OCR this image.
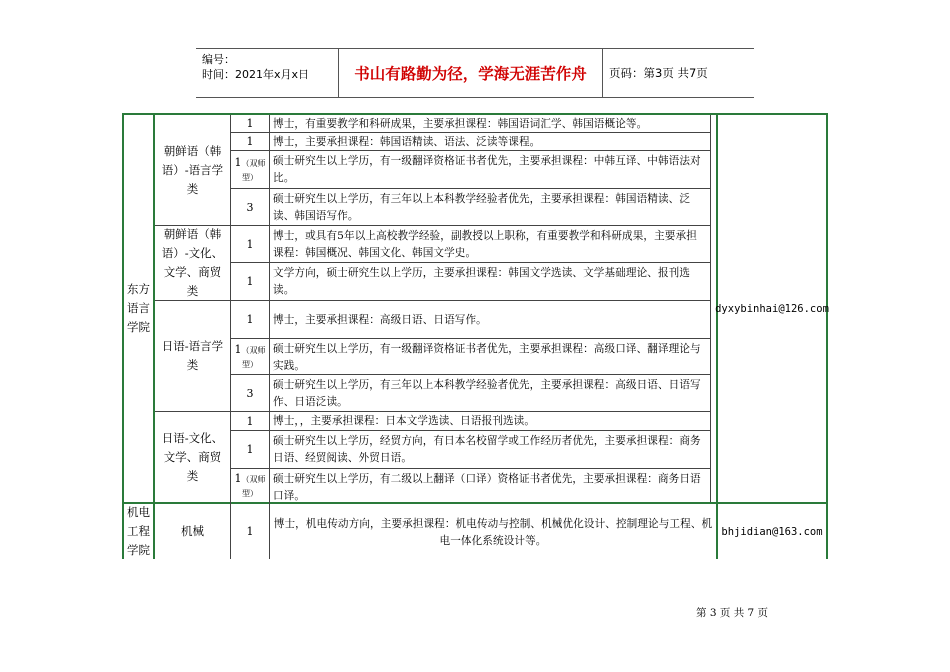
编号：
时间：2021年x月x日	书山有路勤为径，学海无涯苦作舟	页码：第3页 共7页
东方语言学院
机电工程学院
朝鲜语（韩语）-语言学类
朝鲜语（韩语）-文化、文学、商贸类
日语-语言学类
日语-文化、文学、商贸类
机械
1
1
1（双师型）
3
1
1
1
1（双师型）
3
1
1
1（双师型）
1
博士，有重要教学和科研成果，主要承担课程：韩国语词汇学、韩国语概论等。
博士，主要承担课程：韩国语精读、语法、泛读等课程。
硕士研究生以上学历，有一级翻译资格证书者优先，主要承担课程：中韩互译、中韩语法对比。
硕士研究生以上学历，有三年以上本科教学经验者优先，主要承担课程：韩国语精读、泛读、韩国语写作。
博士，或具有5年以上高校教学经验，副教授以上职称，有重要教学和科研成果，主要承担课程：韩国概况、韩国文化、韩国文学史。
文学方向，硕士研究生以上学历，主要承担课程：韩国文学选读、文学基础理论、报刊选读。
博士，主要承担课程：高级日语、日语写作。
硕士研究生以上学历，有一级翻译资格证书者优先，主要承担课程：高级口译、翻译理论与实践。
硕士研究生以上学历，有三年以上本科教学经验者优先，主要承担课程：高级日语、日语写作、日语泛读。
博士，，主要承担课程：日本文学选读、日语报刊选读。
硕士研究生以上学历，经贸方向，有日本名校留学或工作经历者优先，主要承担课程：商务日语、经贸阅读、外贸日语。
硕士研究生以上学历，有二级以上翻译（口译）资格证书者优先，主要承担课程：商务日语口译。
博士，机电传动方向，主要承担课程：机电传动与控制、机械优化设计、控制理论与工程、机电一体化系统设计等。
dyxybinhai@126.com
bhjidian@163.com
第 3 页 共 7 页
